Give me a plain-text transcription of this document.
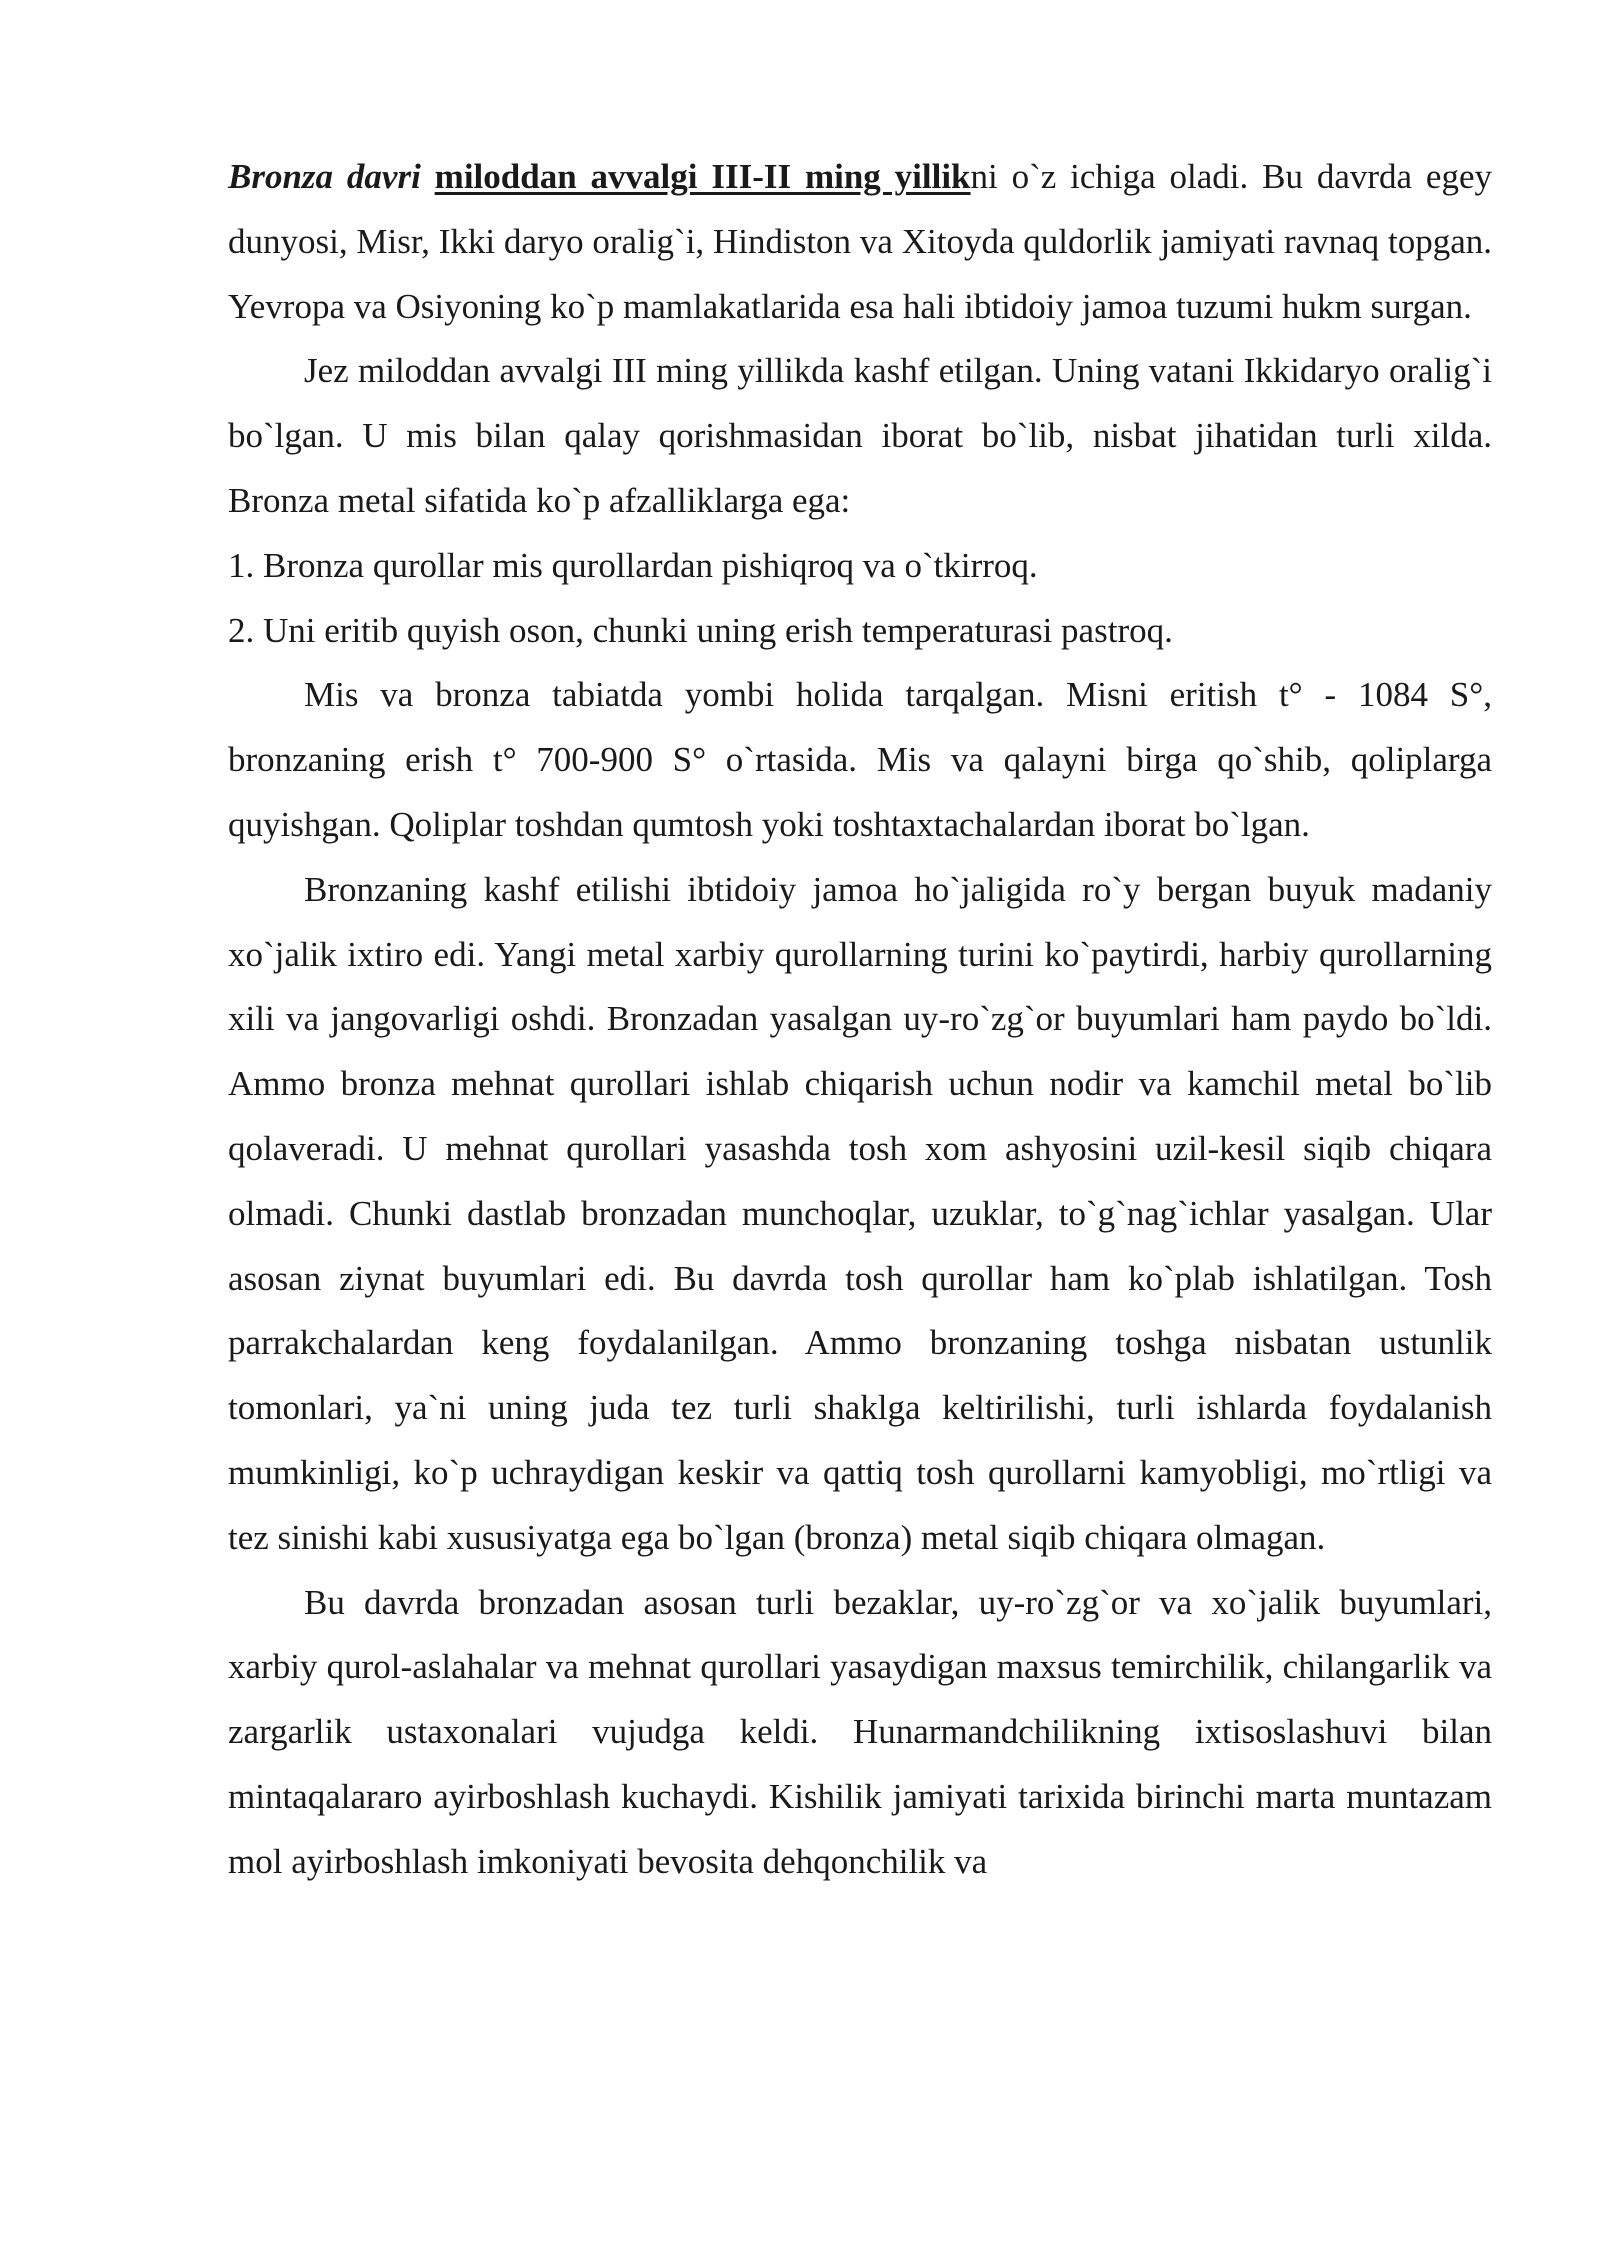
Bronza davri miloddan avvalgi III-II ming yillikni o`z ichiga oladi. Bu davrda egey dunyosi, Misr, Ikki daryo oralig`i, Hindiston va Xitoyda quldorlik jamiyati ravnaq topgan. Yevropa va Osiyoning ko`p mamlakatlarida esa hali ibtidoiy jamoa tuzumi hukm surgan.

Jez miloddan avvalgi III ming yillikda kashf etilgan. Uning vatani Ikkidaryo oralig`i bo`lgan. U mis bilan qalay qorishmasidan iborat bo`lib, nisbat jihatidan turli xilda. Bronza metal sifatida ko`p afzalliklarga ega:

1. Bronza qurollar mis qurollardan pishiqroq va o`tkirroq.

2. Uni eritib quyish oson, chunki uning erish temperaturasi pastroq.

Mis va bronza tabiatda yombi holida tarqalgan. Misni eritish t° - 1084 S°, bronzaning erish t° 700-900 S° o`rtasida. Mis va qalayni birga qo`shib, qoliplarga quyishgan. Qoliplar toshdan qumtosh yoki toshtaxtachalardan iborat bo`lgan.

Bronzaning kashf etilishi ibtidoiy jamoa ho`jaligida ro`y bergan buyuk madaniy xo`jalik ixtiro edi. Yangi metal xarbiy qurollarning turini ko`paytirdi, harbiy qurollarning xili va jangovarligi oshdi. Bronzadan yasalgan uy-ro`zg`or buyumlari ham paydo bo`ldi. Ammo bronza mehnat qurollari ishlab chiqarish uchun nodir va kamchil metal bo`lib qolaveradi. U mehnat qurollari yasashda tosh xom ashyosini uzil-kesil siqib chiqara olmadi. Chunki dastlab bronzadan munchoqlar, uzuklar, to`g`nag`ichlar yasalgan. Ular asosan ziynat buyumlari edi. Bu davrda tosh qurollar ham ko`plab ishlatilgan. Tosh parrakchalardan keng foydalanilgan. Ammo bronzaning toshga nisbatan ustunlik tomonlari, ya`ni uning juda tez turli shaklga keltirilishi, turli ishlarda foydalanish mumkinligi, ko`p uchraydigan keskir va qattiq tosh qurollarni kamyobligi, mo`rtligi va tez sinishi kabi xususiyatga ega bo`lgan (bronza) metal siqib chiqara olmagan.

Bu davrda bronzadan asosan turli bezaklar, uy-ro`zg`or va xo`jalik buyumlari, xarbiy qurol-aslahalar va mehnat qurollari yasaydigan maxsus temirchilik, chilangarlik va zargarlik ustaxonalari vujudga keldi. Hunarmandchilikning ixtisoslashuvi bilan mintaqalararo ayirboshlash kuchaydi. Kishilik jamiyati tarixida birinchi marta muntazam mol ayirboshlash imkoniyati bevosita dehqonchilik va
